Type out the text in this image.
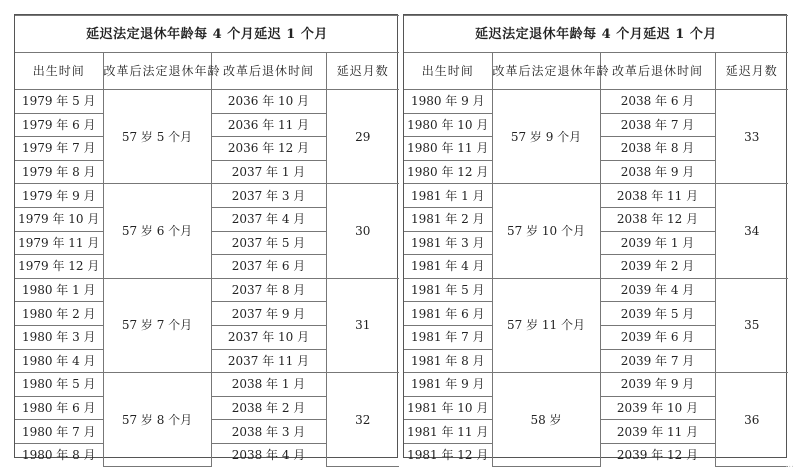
延迟法定退休年龄每 4 个月延迟 1 个月			
出生时间	改革后法定退休年龄	改革后退休时间	延迟月数
1979 年 5 月	57 岁 5 个月	2036 年 10 月	29
1979 年 6 月		2036 年 11 月	
1979 年 7 月		2036 年 12 月	
1979 年 8 月		2037 年 1 月	
1979 年 9 月	57 岁 6 个月	2037 年 3 月	30
1979 年 10 月		2037 年 4 月	
1979 年 11 月		2037 年 5 月	
1979 年 12 月		2037 年 6 月	
1980 年 1 月	57 岁 7 个月	2037 年 8 月	31
1980 年 2 月		2037 年 9 月	
1980 年 3 月		2037 年 10 月	
1980 年 4 月		2037 年 11 月	
1980 年 5 月	57 岁 8 个月	2038 年 1 月	32
1980 年 6 月		2038 年 2 月	
1980 年 7 月		2038 年 3 月	
1980 年 8 月		2038 年 4 月	
延迟法定退休年龄每 4 个月延迟 1 个月			
出生时间	改革后法定退休年龄	改革后退休时间	延迟月数
1980 年 9 月	57 岁 9 个月	2038 年 6 月	33
1980 年 10 月		2038 年 7 月	
1980 年 11 月		2038 年 8 月	
1980 年 12 月		2038 年 9 月	
1981 年 1 月	57 岁 10 个月	2038 年 11 月	34
1981 年 2 月		2038 年 12 月	
1981 年 3 月		2039 年 1 月	
1981 年 4 月		2039 年 2 月	
1981 年 5 月	57 岁 11 个月	2039 年 4 月	35
1981 年 6 月		2039 年 5 月	
1981 年 7 月		2039 年 6 月	
1981 年 8 月		2039 年 7 月	
1981 年 9 月	58 岁	2039 年 9 月	36
1981 年 10 月		2039 年 10 月	
1981 年 11 月		2039 年 11 月	
1981 年 12 月		2039 年 12 月	
...
